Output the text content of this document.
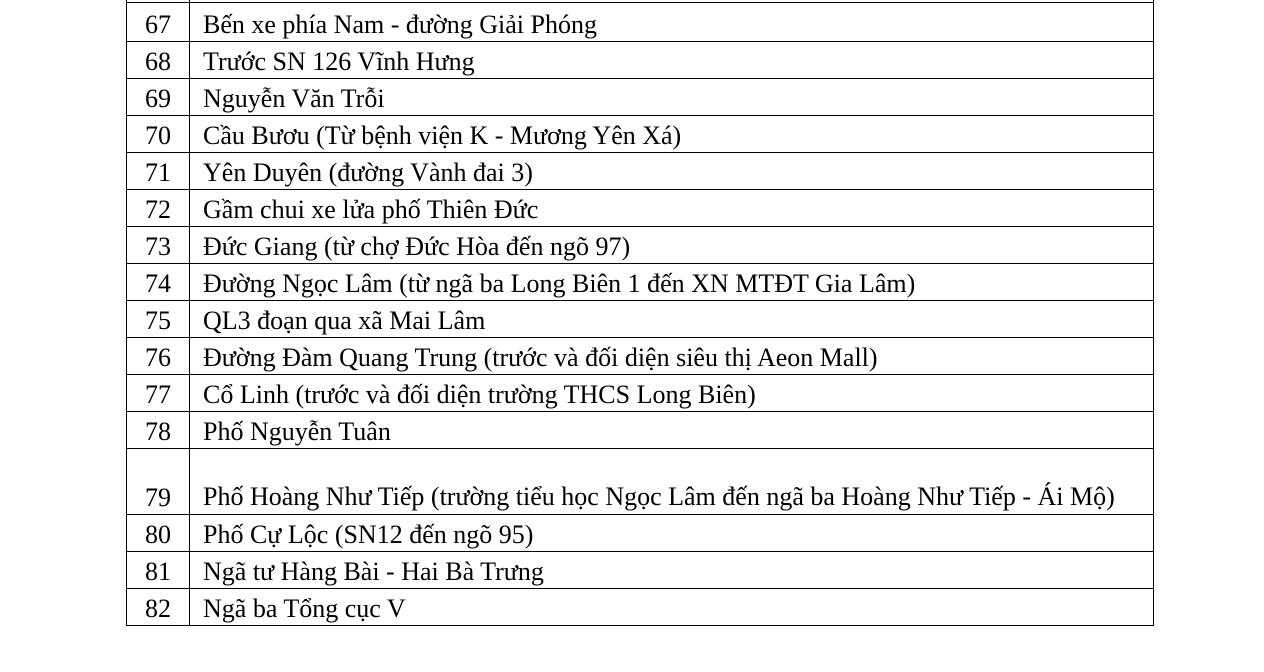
67	Bến xe phía Nam - đường Giải Phóng
68	Trước SN 126 Vĩnh Hưng
69	Nguyễn Văn Trỗi
70	Cầu Bươu (Từ bệnh viện K - Mương Yên Xá)
71	Yên Duyên (đường Vành đai 3)
72	Gầm chui xe lửa phố Thiên Đức
73	Đức Giang (từ chợ Đức Hòa đến ngõ 97)
74	Đường Ngọc Lâm (từ ngã ba Long Biên 1 đến XN MTĐT Gia Lâm)
75	QL3 đoạn qua xã Mai Lâm
76	Đường Đàm Quang Trung (trước và đối diện siêu thị Aeon Mall)
77	Cổ Linh (trước và đối diện trường THCS Long Biên)
78	Phố Nguyễn Tuân
79	Phố Hoàng Như Tiếp (trường tiểu học Ngọc Lâm đến ngã ba Hoàng Như Tiếp - Ái Mộ)
80	Phố Cự Lộc (SN12 đến ngõ 95)
81	Ngã tư Hàng Bài - Hai Bà Trưng
82	Ngã ba Tổng cục V
